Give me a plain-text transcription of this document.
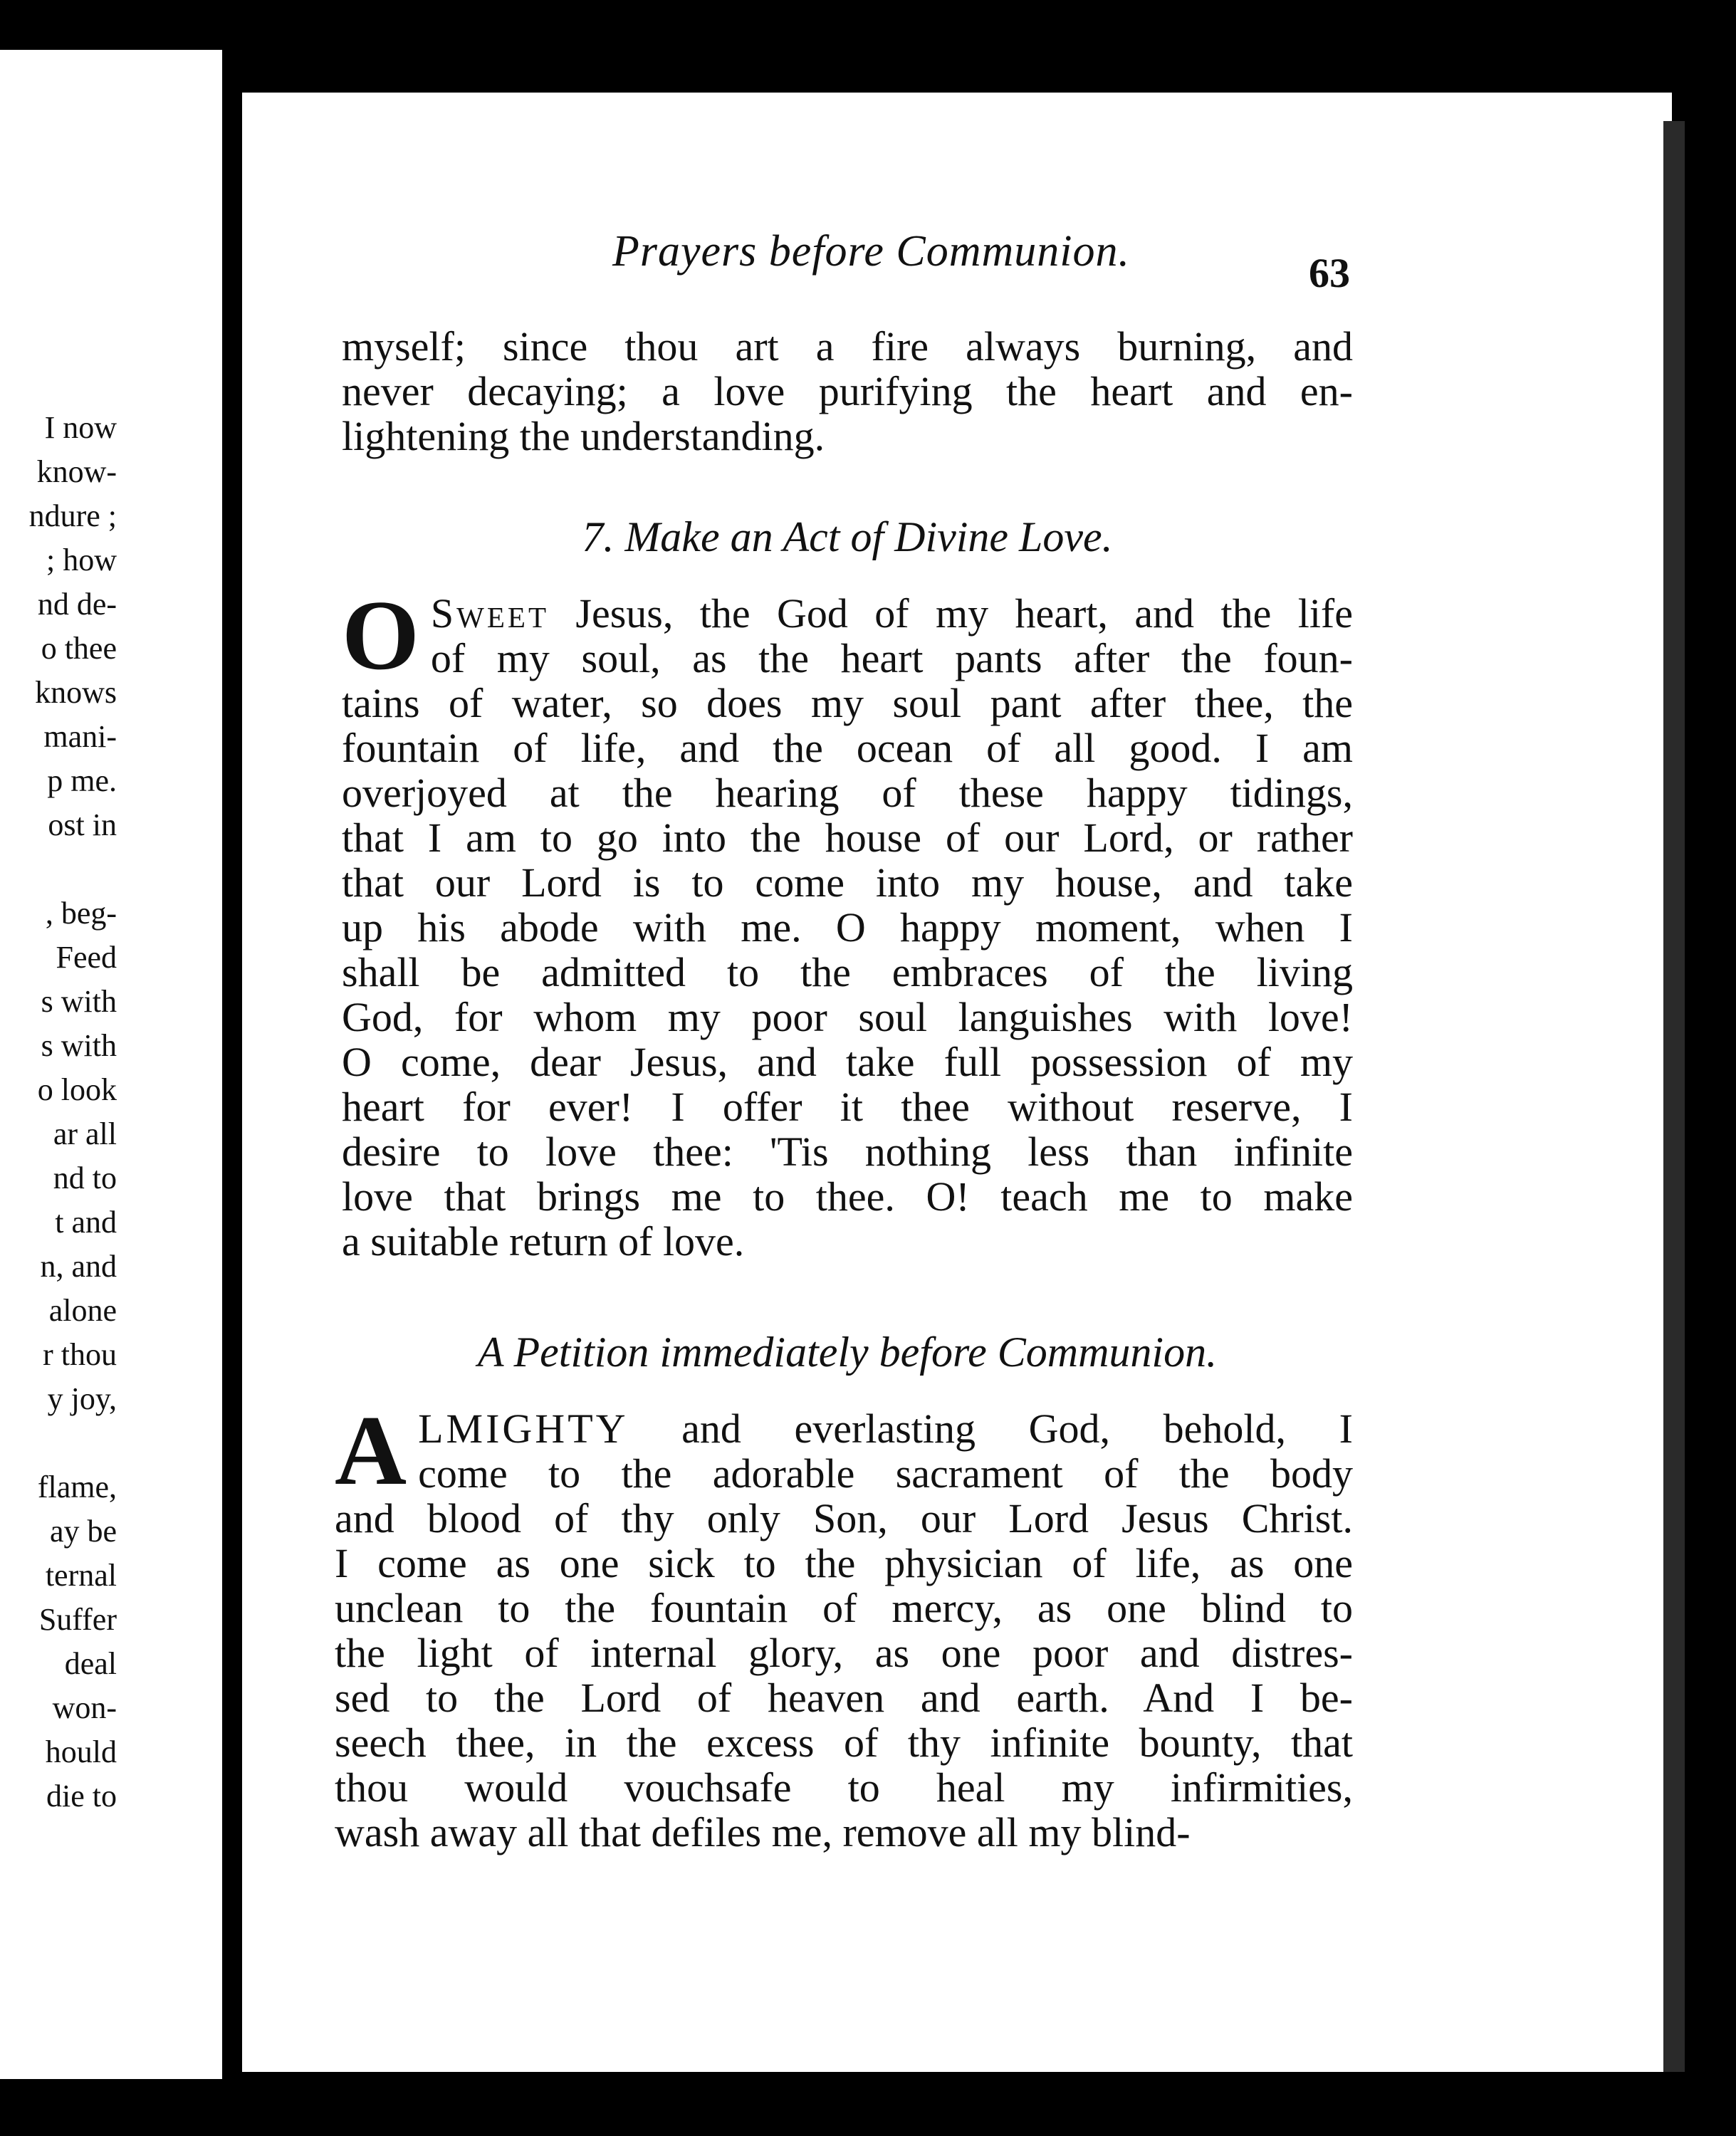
I now
know-
ndure ;
; how
nd de-
o thee
knows
mani-
p me.
ost in
, beg-
Feed
s with
s with
o look
ar all
nd to
t and
n, and
alone
r thou
y joy,
flame,
ay be
ternal
Suffer
deal
won-
hould
die to
Prayers before Communion.	63

myself; since thou art a fire always burning, and
never decaying; a love purifying the heart and en-
lightening the understanding.

7. Make an Act of Divine Love.

O Sweet Jesus, the God of my heart, and the life
of my soul, as the heart pants after the foun-
tains of water, so does my soul pant after thee, the
fountain of life, and the ocean of all good. I am
overjoyed at the hearing of these happy tidings,
that I am to go into the house of our Lord, or rather
that our Lord is to come into my house, and take
up his abode with me. O happy moment, when I
shall be admitted to the embraces of the living
God, for whom my poor soul languishes with love!
O come, dear Jesus, and take full possession of my
heart for ever! I offer it thee without reserve, I
desire to love thee: 'Tis nothing less than infinite
love that brings me to thee. O! teach me to make
a suitable return of love.

A Petition immediately before Communion.

A LMIGHTY and everlasting God, behold, I
come to the adorable sacrament of the body
and blood of thy only Son, our Lord Jesus Christ.
I come as one sick to the physician of life, as one
unclean to the fountain of mercy, as one blind to
the light of internal glory, as one poor and distres-
sed to the Lord of heaven and earth. And I be-
seech thee, in the excess of thy infinite bounty, that
thou would vouchsafe to heal my infirmities,
wash away all that defiles me, remove all my blind-
